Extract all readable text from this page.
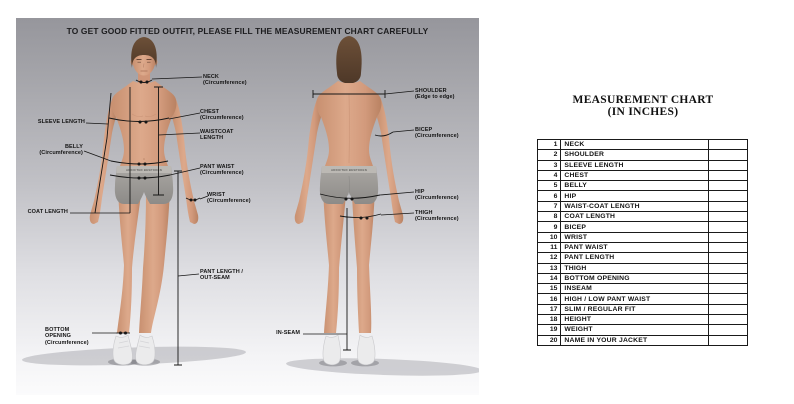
TO GET GOOD FITTED OUTFIT, PLEASE FILL THE MEASUREMENT CHART CAREFULLY
ADDICTED BESPOKEN	ADDICTED BESPOKEN
NECK
(Circumference)
CHEST
(Circumference)
WAISTCOAT
LENGTH
SLEEVE LENGTH
BELLY
(Circumference)
PANT WAIST
(Circumference)
WRIST
(Circumference)
COAT LENGTH
PANT LENGTH /
OUT-SEAM
BOTTOM
OPENING
(Circumference)
SHOULDER
(Edge to edge)
BICEP
(Circumference)
HIP
(Circumference)
THIGH
(Circumference)
IN-SEAM
MEASUREMENT CHART
(IN INCHES)
1	NECK	
2	SHOULDER	
3	SLEEVE LENGTH	
4	CHEST	
5	BELLY	
6	HIP	
7	WAIST-COAT LENGTH	
8	COAT LENGTH	
9	BICEP	
10	WRIST	
11	PANT WAIST	
12	PANT LENGTH	
13	THIGH	
14	BOTTOM OPENING	
15	INSEAM	
16	HIGH / LOW PANT WAIST	
17	SLIM / REGULAR FIT	
18	HEIGHT	
19	WEIGHT	
20	NAME IN YOUR JACKET	
